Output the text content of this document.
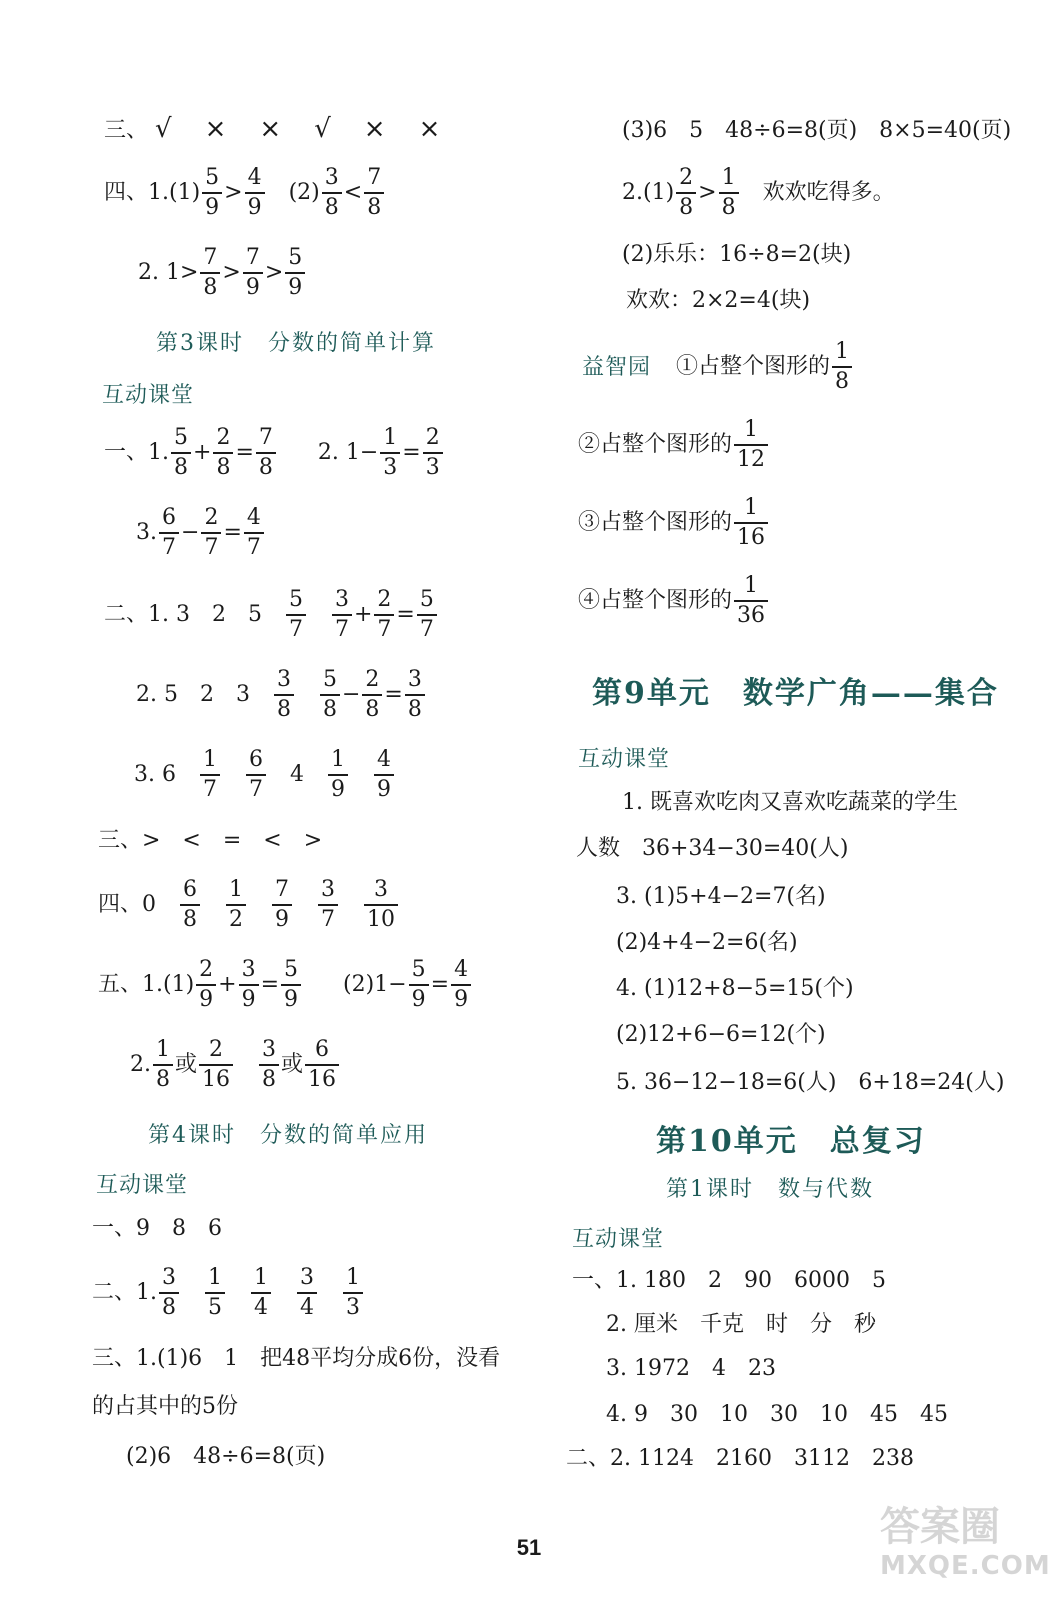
三、 √ × × √ × ×
四、$1.(1) \frac{5}{9} > \frac{4}{9} (2) \frac{3}{8} < \frac{7}{8}$
2. $1> \frac{7}{8} > \frac{7}{9} > \frac{5}{9}$
第3课时　分数的简单计算
互动课堂
一、1. $\frac{5}{8} + \frac{2}{8} = \frac{7}{8} 2$. $1- \frac{1}{3} = \frac{2}{3}$
3. $\frac{6}{7} - \frac{2}{7} = \frac{4}{7}$
二、1. 3　2　$5 \frac{5}{7} \frac{3}{7} + \frac{2}{7} = \frac{5}{7}$
2. 5　2　$3 \frac{3}{8} \frac{5}{8} - \frac{2}{8} = \frac{3}{8}$
3. $6 \frac{1}{7} \frac{6}{7} 4 \frac{1}{9} \frac{4}{9}$
三、>　<　=　<　>
四、$0 \frac{6}{8} \frac{1}{2} \frac{7}{9} \frac{3}{7} \frac{3}{10}$
五、$1.(1) \frac{2}{9} + \frac{3}{9} = \frac{5}{9} (2)1- \frac{5}{9} = \frac{4}{9}$
2. $\frac{1}{8}$ 或 $\frac{2}{16} \frac{3}{8}$ 或 $\frac{6}{16}$
第4课时　分数的简单应用
互动课堂
一、9　8　6
二、1. $\frac{3}{8} \frac{1}{5} \frac{1}{4} \frac{3}{4} \frac{1}{3}$
三、1.(1)6　1　把48平均分成6份，没看
的占其中的5份
(2)6　48÷6=8(页)
(3)6　5　48÷6=8(页)　8×5=40(页)
$2.(1) \frac{2}{8} > \frac{1}{8}$ 欢欢吃得多。
(2)乐乐：16÷8=2(块)
欢欢：2×2=4(块)
益智园 ①占整个图形的 $\frac{1}{8}$
②占整个图形的 $\frac{1}{12}$
③占整个图形的 $\frac{1}{16}$
④占整个图形的 $\frac{1}{36}$
第9单元　数学广角——集合
互动课堂
1. 既喜欢吃肉又喜欢吃蔬菜的学生
人数　36+34−30=40(人)
3. (1)5+4−2=7(名)
(2)4+4−2=6(名)
4. (1)12+8−5=15(个)
(2)12+6−6=12(个)
5. 36−12−18=6(人)　6+18=24(人)
第10单元　总复习
第1课时　数与代数
互动课堂
一、1. 180　2　90　6000　5
2. 厘米　千克　时　分　秒
3. 1972　4　23
4. 9　30　10　30　10　45　45
二、2. 1124　2160　3112　238
51	答案圈
MXQE.COM
